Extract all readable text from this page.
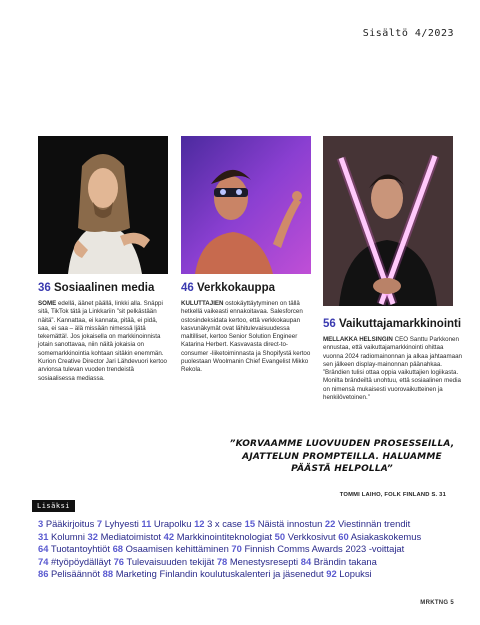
Sisältö 4/2023
36 Sosiaalinen media

SOME edellä, äänet päällä, linkki alla. Snäppi sitä, TikTok tätä ja Linkkariin ”sit pelkästään näitä”. Kannattaa, ei kannata, pitää, ei pidä, saa, ei saa – älä missään nimessä ljätä tekemättä!. Jos jokaisella on markkinoinnista jotain sanottavaa, niin näitä jokaisia on somemarkkinointia kohtaan sitäkin enemmän. Kurion Creative Director Jari Lähdevuori kertoo arvionsa tulevan vuoden trendeistä sosiaalisessa mediassa.

46 Verkkokauppa

KULUTTAJIEN ostokäyttäytyminen on tällä hetkellä vaikeasti ennakoitavaa. Salesforcen ostosindeksidata kertoo, että verkkokaupan kasvunäkymät ovat lähitulevaisuudessa maltilliset, kertoo Senior Solution Engineer Katarina Herbert. Kasvavasta direct-to-consumer -liiketoiminnasta ja Shopifystä kertoo puolestaan Woolmanin Chief Evangelist Mikko Rekola.

56 Vaikuttajamarkkinointi

MELLAKKA HELSINGIN CEO Santtu Parkkonen ennustaa, että vaikuttajamarkkinointi ohittaa vuonna 2024 radiomainonnan ja alkaa jahtaamaan sen jälkeen display-mainonnan päänahkaa. ”Brändien tulisi ottaa oppia vaikuttajien logiikasta. Monilta brändeiltä unohtuu, että sosiaalinen media on nimensä mukaisesti vuorovaikutteinen ja henkilövetoinen.”

”KORVAAMME LUOVUUDEN PROSESSEILLA, AJATTELUN PROMPTEILLA. HALUAMME PÄÄSTÄ HELPOLLA”
TOMMI LAIHO, FOLK FINLAND S. 31
Lisäksi

3 Pääkirjoitus 7 Lyhyesti 11 Urapolku 12 3 x case 15 Näistä innostun 22 Viestinnän trendit

31 Kolumni 32 Mediatoimistot 42 Markkinointiteknologiat 50 Verkkosivut 60 Asiakaskokemus

64 Tuotantoyhtiöt 68 Osaamisen kehittäminen 70 Finnish Comms Awards 2023 -voittajat

74 #työpöydälläyt 76 Tulevaisuuden tekijät 78 Menestysresepti 84 Brändin takana

86 Pelisäännöt 88 Marketing Finlandin koulutuskalenteri ja jäsenedut 92 Lopuksi

MRKTNG 5
